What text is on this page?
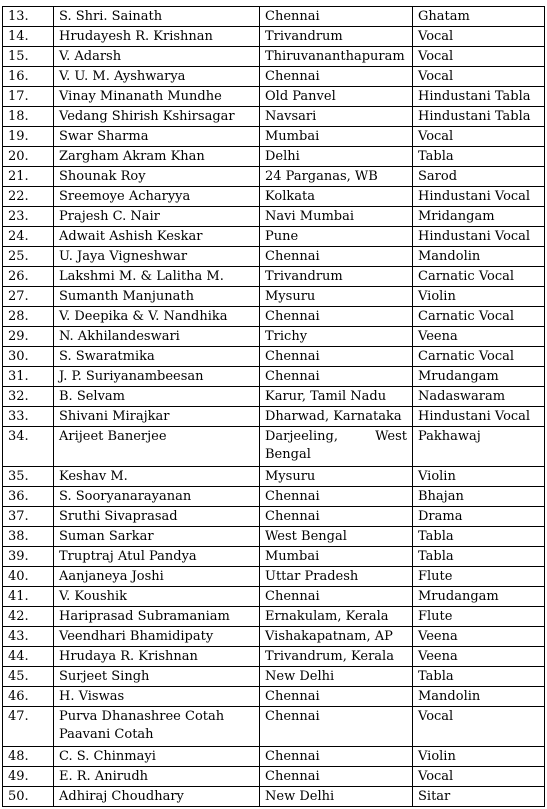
13.	S. Shri. Sainath	Chennai	Ghatam
14.	Hrudayesh R. Krishnan	Trivandrum	Vocal
15.	V. Adarsh	Thiruvananthapuram	Vocal
16.	V. U. M. Ayshwarya	Chennai	Vocal
17.	Vinay Minanath Mundhe	Old Panvel	Hindustani Tabla
18.	Vedang Shirish Kshirsagar	Navsari	Hindustani Tabla
19.	Swar Sharma	Mumbai	Vocal
20.	Zargham Akram Khan	Delhi	Tabla
21.	Shounak Roy	24 Parganas, WB	Sarod
22.	Sreemoye Acharyya	Kolkata	Hindustani Vocal
23.	Prajesh C. Nair	Navi Mumbai	Mridangam
24.	Adwait Ashish Keskar	Pune	Hindustani Vocal
25.	U. Jaya Vigneshwar	Chennai	Mandolin
26.	Lakshmi M. & Lalitha M.	Trivandrum	Carnatic Vocal
27.	Sumanth Manjunath	Mysuru	Violin
28.	V. Deepika & V. Nandhika	Chennai	Carnatic Vocal
29.	N. Akhilandeswari	Trichy	Veena
30.	S. Swaratmika	Chennai	Carnatic Vocal
31.	J. P. Suriyanambeesan	Chennai	Mrudangam
32.	B. Selvam	Karur, Tamil Nadu	Nadaswaram
33.	Shivani Mirajkar	Dharwad, Karnataka	Hindustani Vocal
34.	Arijeet Banerjee	Darjeeling, West Bengal	Pakhawaj
35.	Keshav M.	Mysuru	Violin
36.	S. Sooryanarayanan	Chennai	Bhajan
37.	Sruthi Sivaprasad	Chennai	Drama
38.	Suman Sarkar	West Bengal	Tabla
39.	Truptraj Atul Pandya	Mumbai	Tabla
40.	Aanjaneya Joshi	Uttar Pradesh	Flute
41.	V. Koushik	Chennai	Mrudangam
42.	Hariprasad Subramaniam	Ernakulam, Kerala	Flute
43.	Veendhari Bhamidipaty	Vishakapatnam, AP	Veena
44.	Hrudaya R. Krishnan	Trivandrum, Kerala	Veena
45.	Surjeet Singh	New Delhi	Tabla
46.	H. Viswas	Chennai	Mandolin
47.	Purva Dhanashree Cotah Paavani Cotah	Chennai	Vocal
48.	C. S. Chinmayi	Chennai	Violin
49.	E. R. Anirudh	Chennai	Vocal
50.	Adhiraj Choudhary	New Delhi	Sitar
